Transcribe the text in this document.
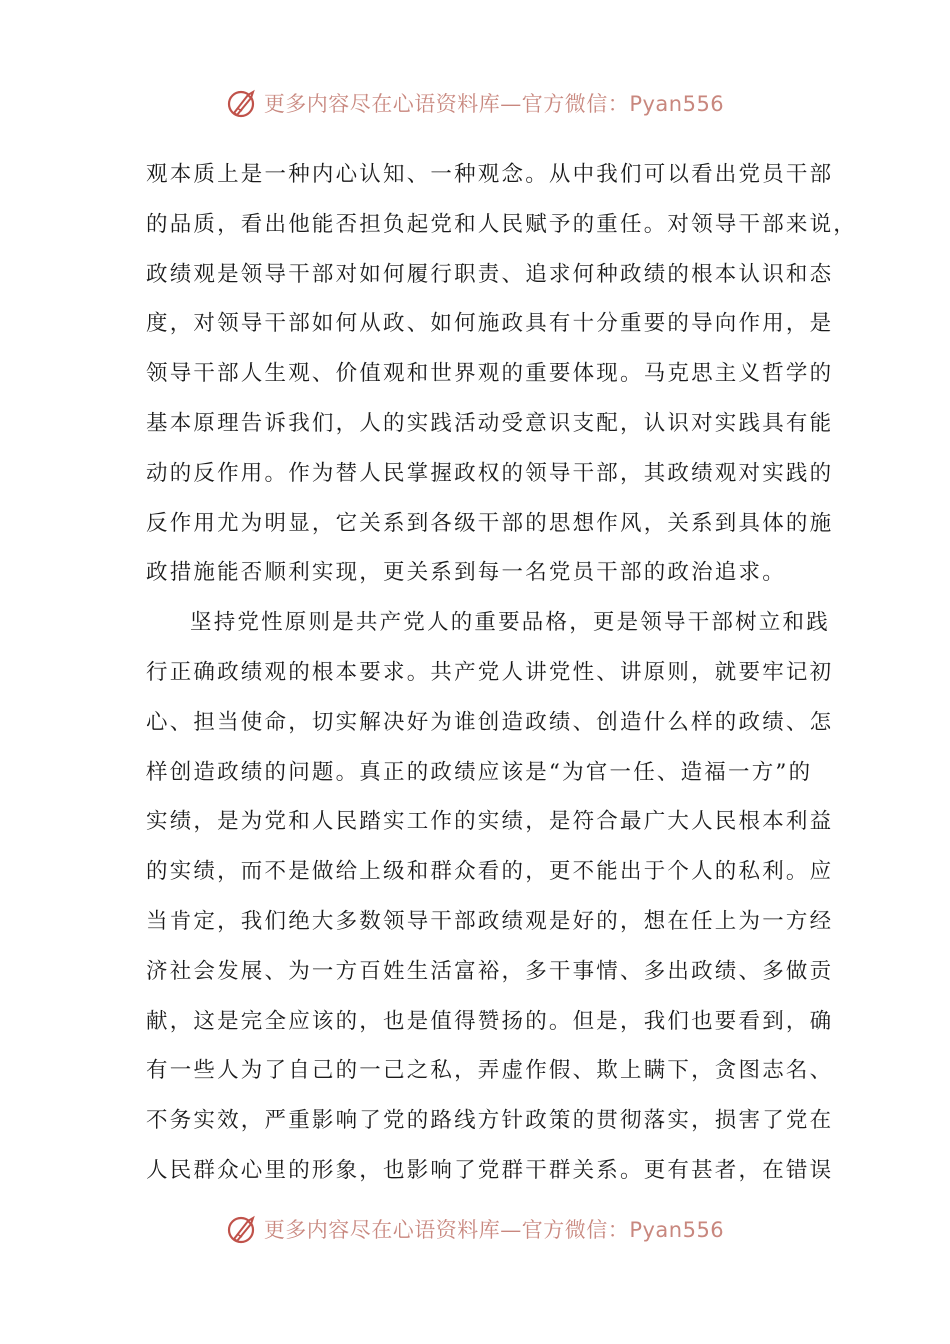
更多内容尽在心语资料库—官方微信：Pyan556
观本质上是一种内心认知、一种观念。从中我们可以看出党员干部
的品质，看出他能否担负起党和人民赋予的重任。对领导干部来说，
政绩观是领导干部对如何履行职责、追求何种政绩的根本认识和态
度，对领导干部如何从政、如何施政具有十分重要的导向作用，是
领导干部人生观、价值观和世界观的重要体现。马克思主义哲学的
基本原理告诉我们，人的实践活动受意识支配，认识对实践具有能
动的反作用。作为替人民掌握政权的领导干部，其政绩观对实践的
反作用尤为明显，它关系到各级干部的思想作风，关系到具体的施
政措施能否顺利实现，更关系到每一名党员干部的政治追求。
坚持党性原则是共产党人的重要品格，更是领导干部树立和践
行正确政绩观的根本要求。共产党人讲党性、讲原则，就要牢记初
心、担当使命，切实解决好为谁创造政绩、创造什么样的政绩、怎
样创造政绩的问题。真正的政绩应该是“为官一任、造福一方”的
实绩，是为党和人民踏实工作的实绩，是符合最广大人民根本利益
的实绩，而不是做给上级和群众看的，更不能出于个人的私利。应
当肯定，我们绝大多数领导干部政绩观是好的，想在任上为一方经
济社会发展、为一方百姓生活富裕，多干事情、多出政绩、多做贡
献，这是完全应该的，也是值得赞扬的。但是，我们也要看到，确
有一些人为了自己的一己之私，弄虚作假、欺上瞒下，贪图志名、
不务实效，严重影响了党的路线方针政策的贯彻落实，损害了党在
人民群众心里的形象，也影响了党群干群关系。更有甚者，在错误
更多内容尽在心语资料库—官方微信：Pyan556
